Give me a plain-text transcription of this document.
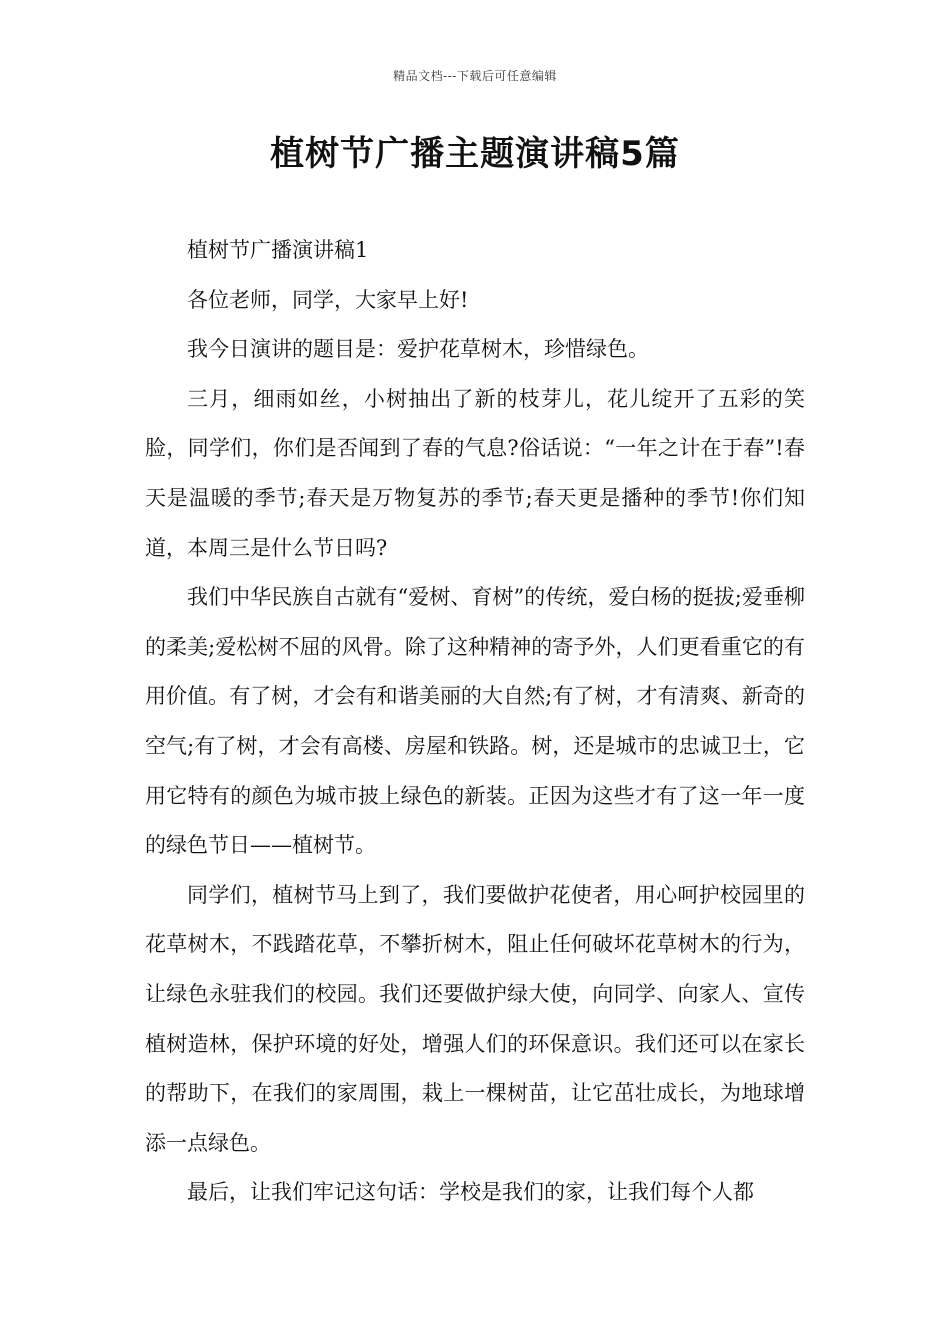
精品文档---下载后可任意编辑
植树节广播主题演讲稿5篇

植树节广播演讲稿1

各位老师，同学，大家早上好!

我今日演讲的题目是：爱护花草树木，珍惜绿色。

三月，细雨如丝，小树抽出了新的枝芽儿，花儿绽开了五彩的笑脸，同学们，你们是否闻到了春的气息?俗话说：“一年之计在于春”!春天是温暖的季节;春天是万物复苏的季节;春天更是播种的季节!你们知道，本周三是什么节日吗?

我们中华民族自古就有“爱树、育树”的传统，爱白杨的挺拔;爱垂柳的柔美;爱松树不屈的风骨。除了这种精神的寄予外，人们更看重它的有用价值。有了树，才会有和谐美丽的大自然;有了树，才有清爽、新奇的空气;有了树，才会有高楼、房屋和铁路。树，还是城市的忠诚卫士，它用它特有的颜色为城市披上绿色的新装。正因为这些才有了这一年一度的绿色节日——植树节。

同学们，植树节马上到了，我们要做护花使者，用心呵护校园里的花草树木，不践踏花草，不攀折树木，阻止任何破坏花草树木的行为，让绿色永驻我们的校园。我们还要做护绿大使，向同学、向家人、宣传植树造林，保护环境的好处，增强人们的环保意识。我们还可以在家长的帮助下，在我们的家周围，栽上一棵树苗，让它茁壮成长，为地球增添一点绿色。

最后，让我们牢记这句话：学校是我们的家，让我们每个人都
